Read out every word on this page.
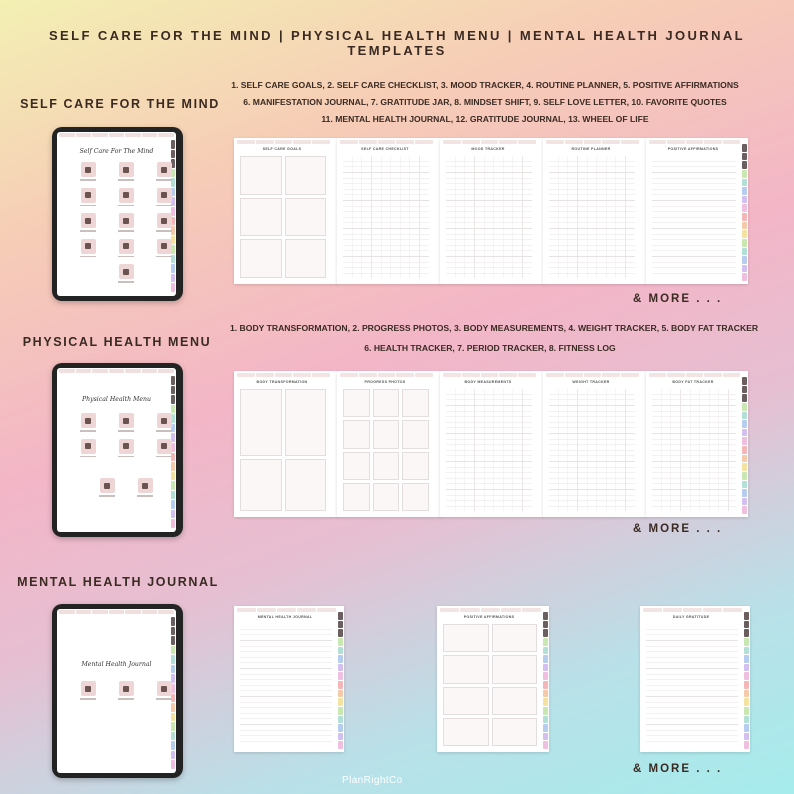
SELF CARE FOR THE MIND | PHYSICAL HEALTH MENU | MENTAL HEALTH JOURNAL TEMPLATES
SELF CARE FOR THE MIND
Self Care For The Mind
1. SELF CARE GOALS, 2. SELF CARE CHECKLIST, 3. MOOD TRACKER, 4. ROUTINE PLANNER, 5. POSITIVE AFFIRMATIONS
6. MANIFESTATION JOURNAL, 7. GRATITUDE JAR, 8. MINDSET SHIFT, 9. SELF LOVE LETTER, 10. FAVORITE QUOTES
11. MENTAL HEALTH JOURNAL, 12. GRATITUDE JOURNAL, 13. WHEEL OF LIFE
SELF CARE GOALS	SELF CARE CHECKLIST	MOOD TRACKER	ROUTINE PLANNER	POSITIVE AFFIRMATIONS
& MORE . . .
PHYSICAL HEALTH MENU
Physical Health Menu
1. BODY TRANSFORMATION, 2. PROGRESS PHOTOS, 3. BODY MEASUREMENTS, 4. WEIGHT TRACKER, 5. BODY FAT TRACKER
6. HEALTH TRACKER, 7. PERIOD TRACKER, 8. FITNESS LOG
BODY TRANSFORMATION	PROGRESS PHOTOS	BODY MEASUREMENTS	WEIGHT TRACKER	BODY FAT TRACKER
& MORE . . .
MENTAL HEALTH JOURNAL
Mental Health Journal
MENTAL HEALTH JOURNAL	POSITIVE AFFIRMATIONS	DAILY GRATITUDE
PlanRightCo
& MORE . . .
